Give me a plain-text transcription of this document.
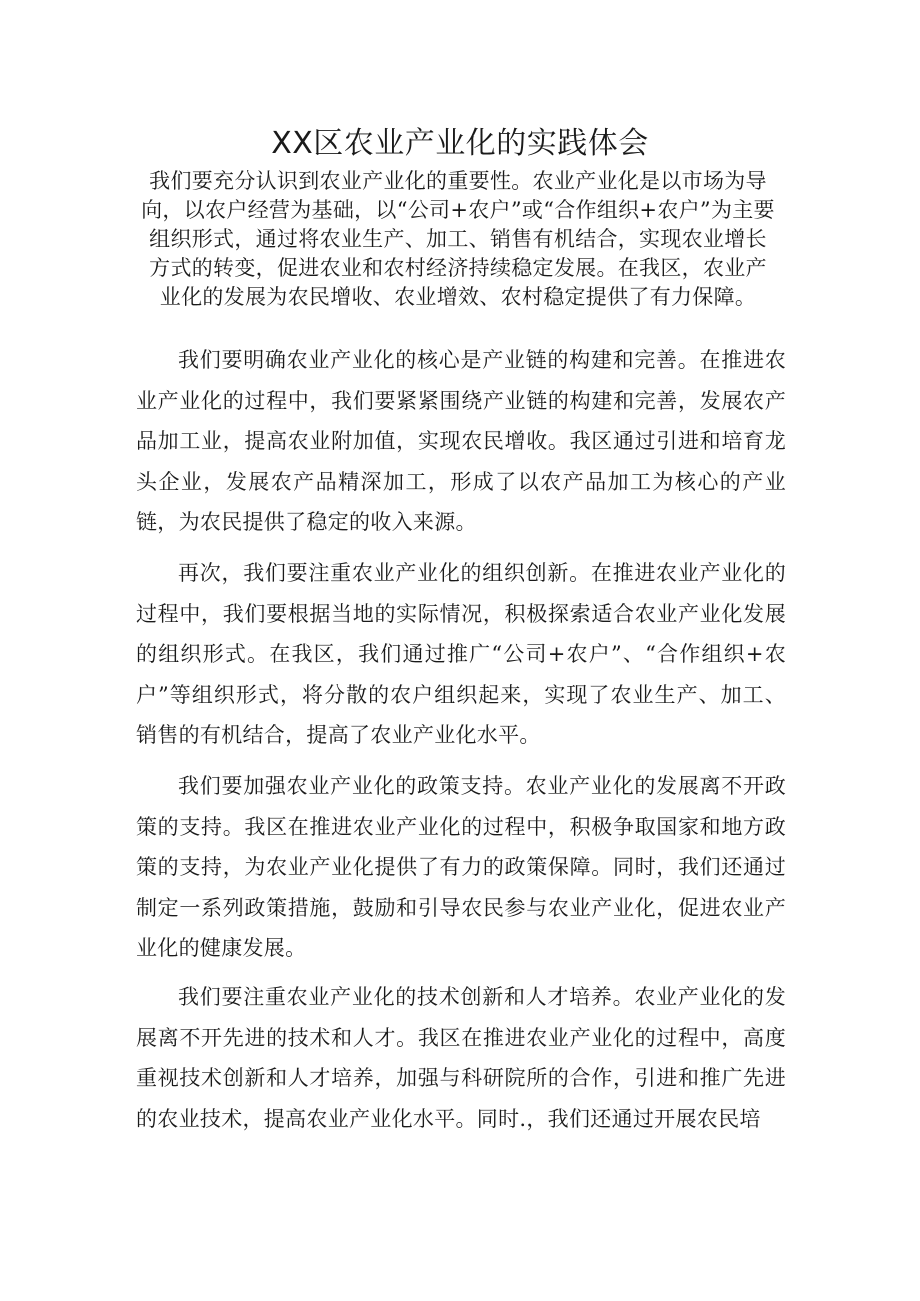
XX区农业产业化的实践体会

我们要充分认识到农业产业化的重要性。农业产业化是以市场为导向，以农户经营为基础，以“公司+农户”或“合作组织+农户”为主要组织形式，通过将农业生产、加工、销售有机结合，实现农业增长方式的转变，促进农业和农村经济持续稳定发展。在我区，农业产业化的发展为农民增收、农业增效、农村稳定提供了有力保障。

我们要明确农业产业化的核心是产业链的构建和完善。在推进农业产业化的过程中，我们要紧紧围绕产业链的构建和完善，发展农产品加工业，提高农业附加值，实现农民增收。我区通过引进和培育龙头企业，发展农产品精深加工，形成了以农产品加工为核心的产业链，为农民提供了稳定的收入来源。

再次，我们要注重农业产业化的组织创新。在推进农业产业化的过程中，我们要根据当地的实际情况，积极探索适合农业产业化发展的组织形式。在我区，我们通过推广“公司+农户”、“合作组织+农户”等组织形式，将分散的农户组织起来，实现了农业生产、加工、销售的有机结合，提高了农业产业化水平。

我们要加强农业产业化的政策支持。农业产业化的发展离不开政策的支持。我区在推进农业产业化的过程中，积极争取国家和地方政策的支持，为农业产业化提供了有力的政策保障。同时，我们还通过制定一系列政策措施，鼓励和引导农民参与农业产业化，促进农业产业化的健康发展。

我们要注重农业产业化的技术创新和人才培养。农业产业化的发展离不开先进的技术和人才。我区在推进农业产业化的过程中，高度重视技术创新和人才培养，加强与科研院所的合作，引进和推广先进的农业技术，提高农业产业化水平。同时.，我们还通过开展农民培
